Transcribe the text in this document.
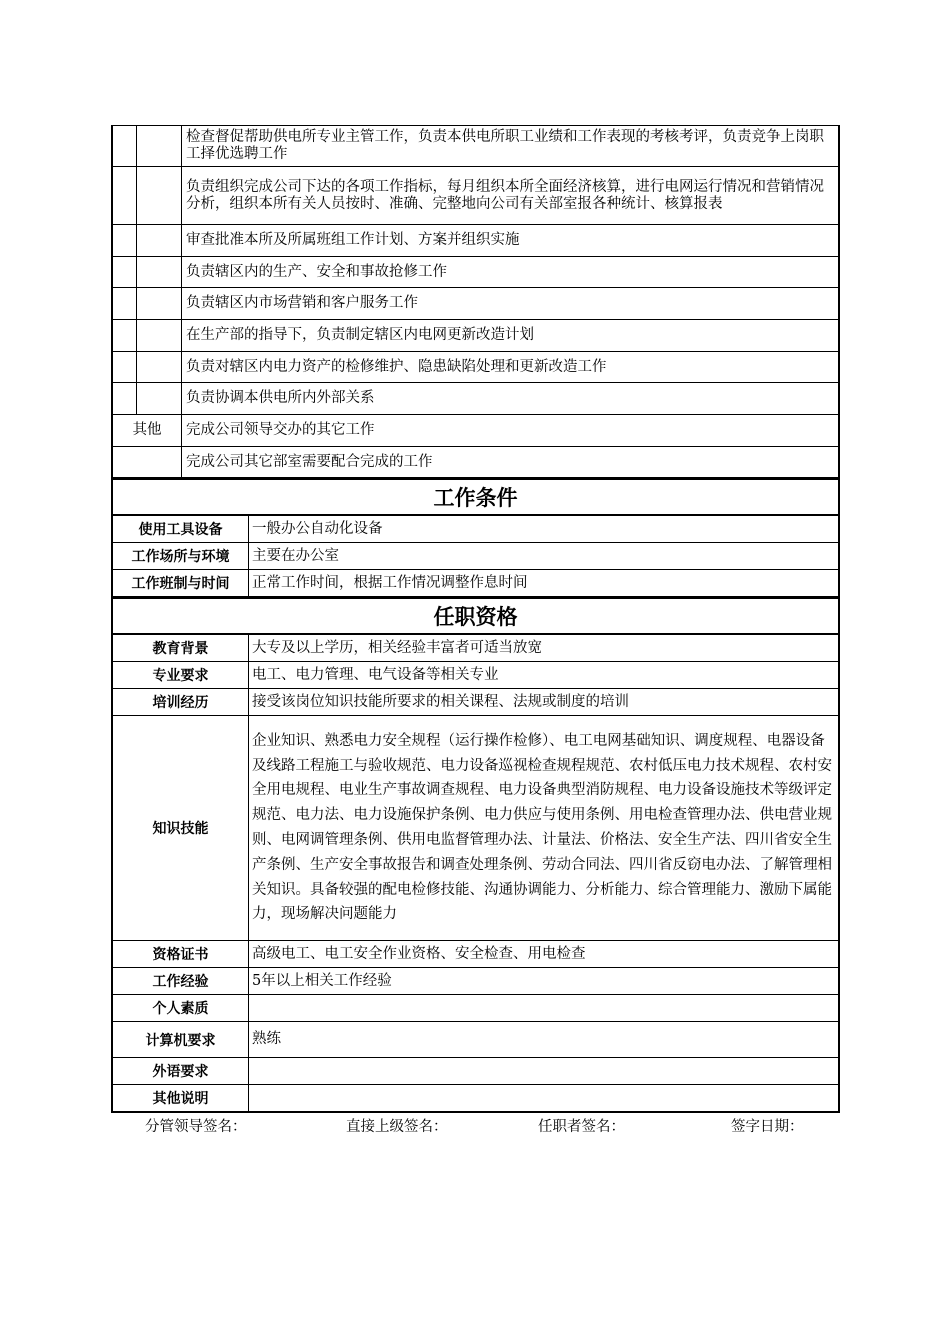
		检查督促帮助供电所专业主管工作，负责本供电所职工业绩和工作表现的考核考评，负责竞争上岗职工择优选聘工作
		负责组织完成公司下达的各项工作指标，每月组织本所全面经济核算，进行电网运行情况和营销情况分析，组织本所有关人员按时、准确、完整地向公司有关部室报各种统计、核算报表
		审查批准本所及所属班组工作计划、方案并组织实施
		负责辖区内的生产、安全和事故抢修工作
		负责辖区内市场营销和客户服务工作
		在生产部的指导下，负责制定辖区内电网更新改造计划
		负责对辖区内电力资产的检修维护、隐患缺陷处理和更新改造工作
		负责协调本供电所内外部关系
其他		完成公司领导交办的其它工作
		完成公司其它部室需要配合完成的工作
工作条件
使用工具设备	一般办公自动化设备
工作场所与环境	主要在办公室
工作班制与时间	正常工作时间，根据工作情况调整作息时间
任职资格
教育背景	大专及以上学历，相关经验丰富者可适当放宽
专业要求	电工、电力管理、电气设备等相关专业
培训经历	接受该岗位知识技能所要求的相关课程、法规或制度的培训
知识技能	企业知识、熟悉电力安全规程（运行操作检修）、电工电网基础知识、调度规程、电器设备及线路工程施工与验收规范、电力设备巡视检查规程规范、农村低压电力技术规程、农村安全用电规程、电业生产事故调查规程、电力设备典型消防规程、电力设备设施技术等级评定规范、电力法、电力设施保护条例、电力供应与使用条例、用电检查管理办法、供电营业规则、电网调管理条例、供用电监督管理办法、计量法、价格法、安全生产法、四川省安全生产条例、生产安全事故报告和调查处理条例、劳动合同法、四川省反窃电办法、了解管理相关知识。具备较强的配电检修技能、沟通协调能力、分析能力、综合管理能力、激励下属能力，现场解决问题能力
资格证书	高级电工、电工安全作业资格、安全检查、用电检查
工作经验	5年以上相关工作经验
个人素质	
计算机要求	熟练
外语要求	
其他说明	
分管领导签名：	直接上级签名：	任职者签名：	签字日期：
